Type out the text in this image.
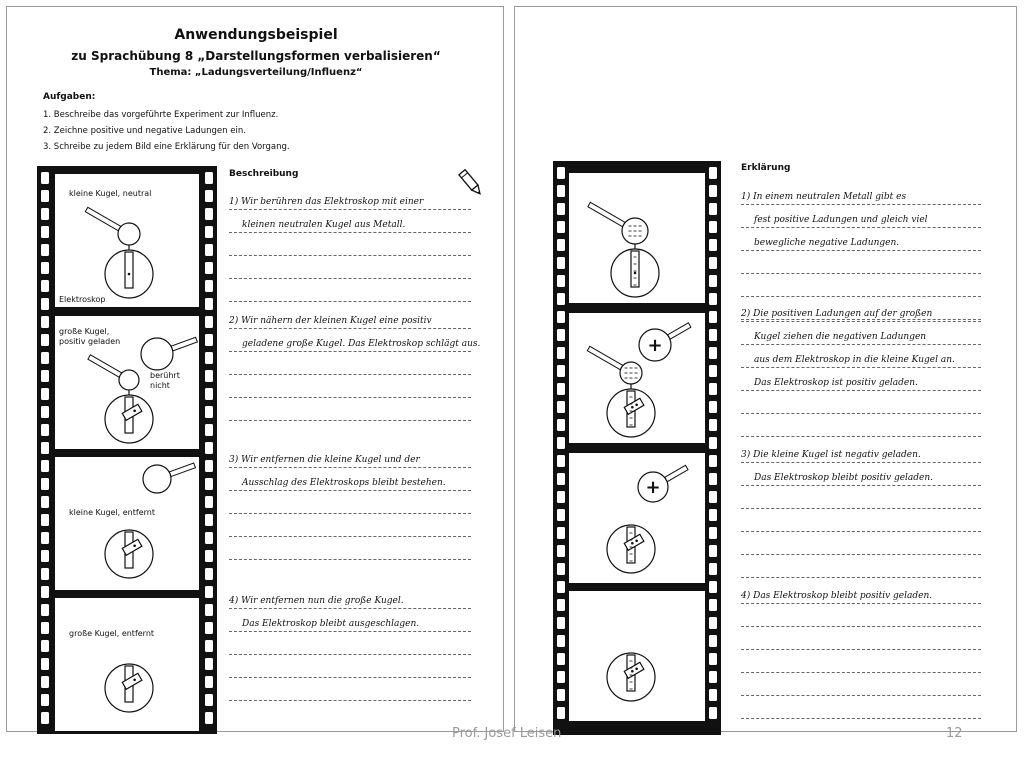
Anwendungsbeispiel
zu Sprachübung 8 „Darstellungsformen verbalisieren“
Thema: „Ladungsverteilung/Influenz“
Aufgaben:
1. Beschreibe das vorgeführte Experiment zur Influenz.
2. Zeichne positive und negative Ladungen ein.
3. Schreibe zu jedem Bild eine Erklärung für den Vorgang.
kleine Kugel, neutral
Elektroskop
große Kugel, positiv geladen
berührt nicht
kleine Kugel, entfernt
große Kugel, entfernt
Beschreibung
1) Wir berühren das Elektroskop mit einer
kleinen neutralen Kugel aus Metall.
2) Wir nähern der kleinen Kugel eine positiv
geladene große Kugel. Das Elektroskop schlägt aus.
3) Wir entfernen die kleine Kugel und der
Ausschlag des Elektroskops bleibt bestehen.
4) Wir entfernen nun die große Kugel.
Das Elektroskop bleibt ausgeschlagen.
+
+
Erklärung
1) In einem neutralen Metall gibt es
fest positive Ladungen und gleich viel
bewegliche negative Ladungen.
2) Die positiven Ladungen auf der großen
Kugel ziehen die negativen Ladungen
aus dem Elektroskop in die kleine Kugel an.
Das Elektroskop ist positiv geladen.
3) Die kleine Kugel ist negativ geladen.
Das Elektroskop bleibt positiv geladen.
4) Das Elektroskop bleibt positiv geladen.
Prof. Josef Leisen	12
